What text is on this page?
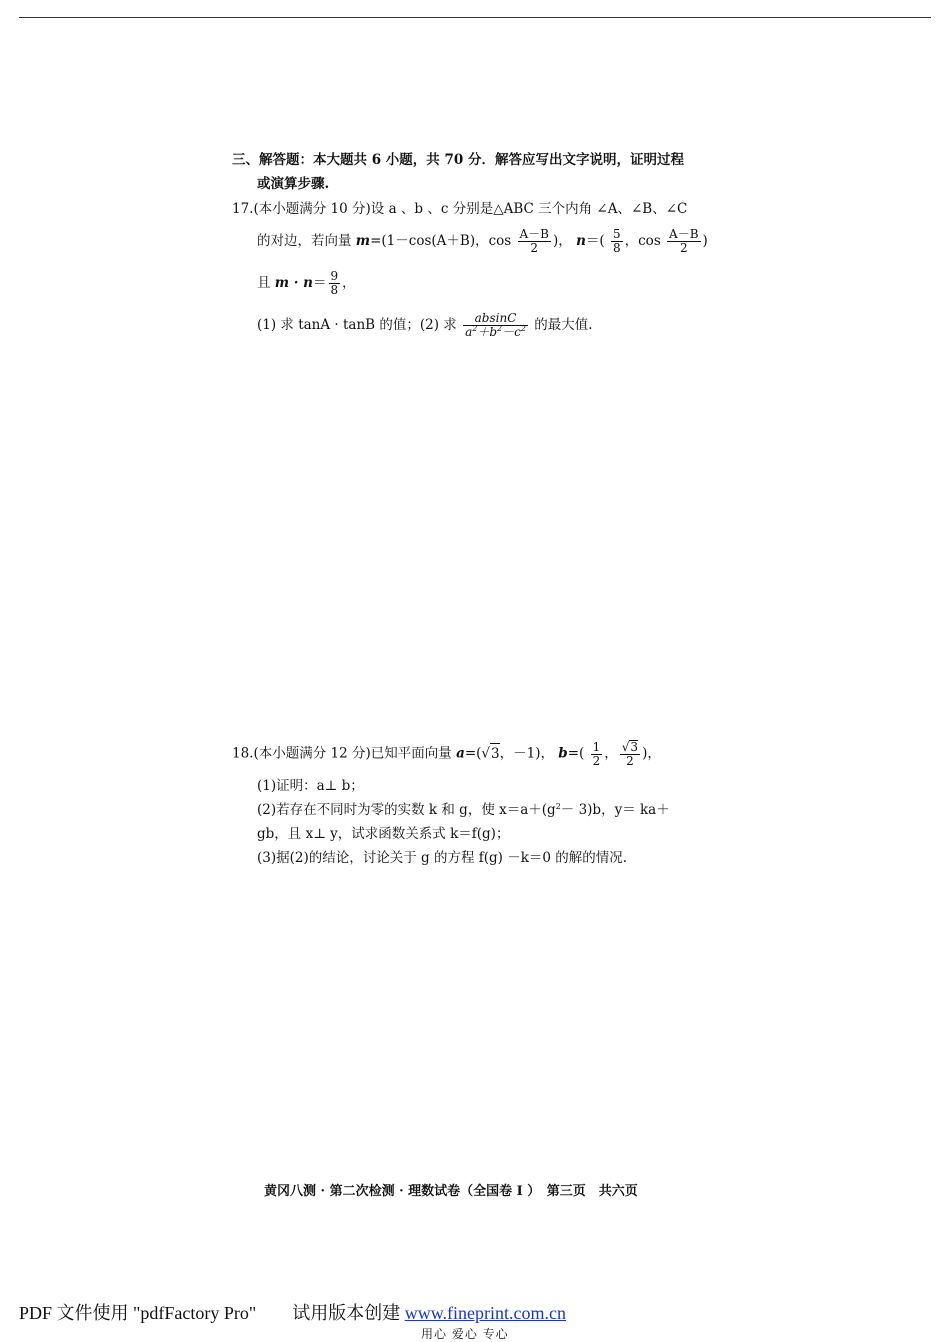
三、解答题：本大题共 6 小题，共 70 分．解答应写出文字说明，证明过程
或演算步骤.
17.(本小题满分 10 分)设 a 、b 、c 分别是△ABC 三个内角 ∠A、∠B、∠C
的对边，若向量 m=(1－cos(A＋B)，$\cos \frac{A-B}{2}$ )， $n=( \frac{5}{8}$ ，$\cos \frac{A-B}{2}$ )
且 $m \cdot n= \frac{9}{8}$ ，
(1) 求 tanA · tanB 的值；(2) 求 $\frac{absinC}{a^2+b^2-c^2}$ 的最大值.
18.(本小题满分 12 分)已知平面向量 a=(√3，－1)， $b=( \frac{1}{2}$ ， $\frac{√3}{2}$ )，
(1)证明：a⊥ b；
(2)若存在不同时为零的实数 k 和 g，使 $x=a+(g^2- 3)b$，y＝ ka＋
gb，且 x⊥ y，试求函数关系式 k＝f(g)；
(3)据(2)的结论，讨论关于 g 的方程 f(g) －k＝0 的解的情况.
黄冈八测 · 第二次检测 · 理数试卷（全国卷 I ）　第三页　共六页
PDF 文件使用 "pdfFactory Pro" 试用版本创建 www.fineprint.com.cn
用心 爱心 专心
